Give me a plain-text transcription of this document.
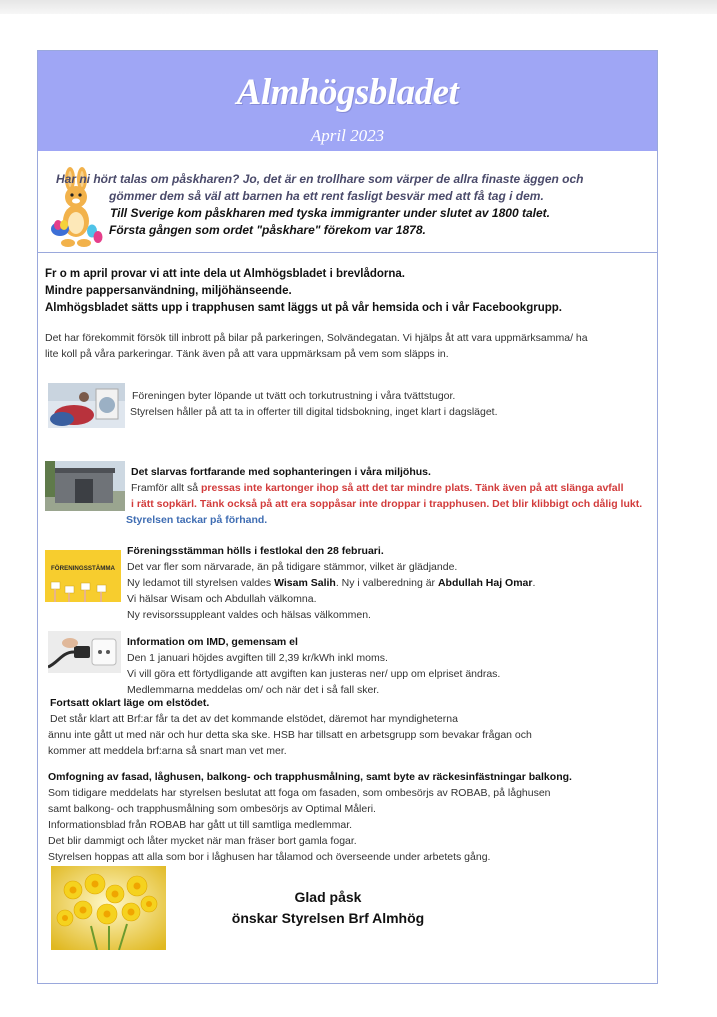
Almhögsbladet
April 2023

Har ni hört talas om påskharen? Jo, det är en trollhare som värper de allra finaste äggen och

gömmer dem så väl att barnen ha ett rent fasligt besvär med att få tag i dem.

Till Sverige kom påskharen med tyska immigranter under slutet av 1800 talet.

Första gången som ordet "påskhare" förekom var 1878.

Fr o m april provar vi att inte dela ut Almhögsbladet i brevlådorna.

Mindre pappersanvändning, miljöhänseende.

Almhögsbladet sätts upp i trapphusen samt läggs ut på vår hemsida och i vår Facebookgrupp.

Det har förekommit försök till inbrott på bilar på parkeringen, Solvändegatan. Vi hjälps åt att vara uppmärksamma/ ha

lite koll på våra parkeringar. Tänk även på att vara uppmärksam på vem som släpps in.

Föreningen byter löpande ut tvätt och torkutrustning i våra tvättstugor.

Styrelsen håller på att ta in offerter till digital tidsbokning, inget klart i dagsläget.

Det slarvas fortfarande med sophanteringen i våra miljöhus.

Framför allt så pressas inte kartonger ihop så att det tar mindre plats. Tänk även på att slänga avfall

i rätt sopkärl. Tänk också på att era soppåsar inte droppar i trapphusen. Det blir klibbigt och dålig lukt.

Styrelsen tackar på förhand.

FÖRENINGSSTÄMMA

Föreningsstämman hölls i festlokal den 28 februari.

Det var fler som närvarade, än på tidigare stämmor, vilket är glädjande.

Ny ledamot till styrelsen valdes Wisam Salih. Ny i valberedning är Abdullah Haj Omar.

Vi hälsar Wisam och Abdullah välkomna.

Ny revisorssuppleant valdes och hälsas välkommen.

Information om IMD, gemensam el

Den 1 januari höjdes avgiften till 2,39 kr/kWh inkl moms.

Vi vill göra ett förtydligande att avgiften kan justeras ner/ upp om elpriset ändras.

Medlemmarna meddelas om/ och när det i så fall sker.

Fortsatt oklart läge om elstödet.

Det står klart att Brf:ar får ta det av det kommande elstödet, däremot har myndigheterna

ännu inte gått ut med när och hur detta ska ske. HSB har tillsatt en arbetsgrupp som bevakar frågan och

kommer att meddela brf:arna så snart man vet mer.

Omfogning av fasad, låghusen, balkong- och trapphusmålning, samt byte av räckesinfästningar balkong.

Som tidigare meddelats har styrelsen beslutat att foga om fasaden, som ombesörjs av ROBAB, på låghusen

samt balkong- och trapphusmålning som ombesörjs av Optimal Måleri.

Informationsblad från ROBAB har gått ut till samtliga medlemmar.

Det blir dammigt och låter mycket när man fräser bort gamla fogar.

Styrelsen hoppas att alla som bor i låghusen har tålamod och överseende under arbetets gång.

Glad påsk
önskar Styrelsen Brf Almhög
